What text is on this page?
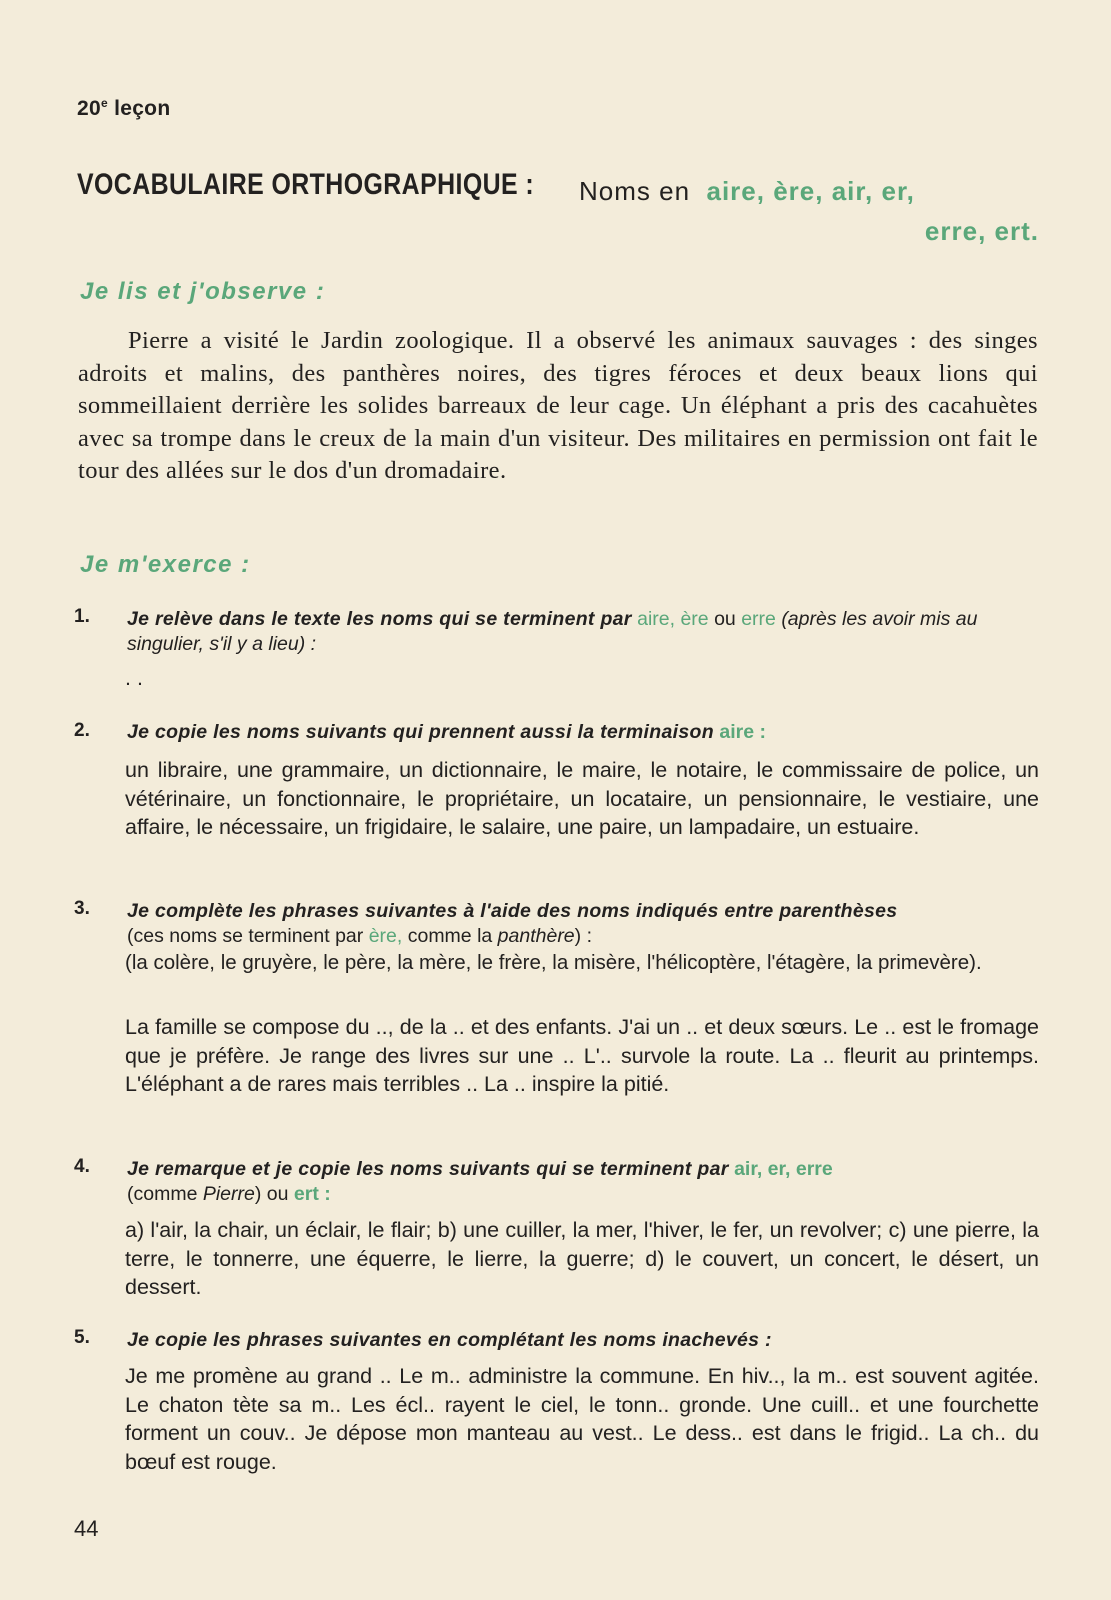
20e leçon
VOCABULAIRE ORTHOGRAPHIQUE : Noms en aire, ère, air, er,
erre, ert.
Je lis et j'observe :

Pierre a visité le Jardin zoologique. Il a observé les animaux sauvages : des singes adroits et malins, des panthères noires, des tigres féroces et deux beaux lions qui sommeillaient derrière les solides barreaux de leur cage. Un éléphant a pris des cacahuètes avec sa trompe dans le creux de la main d'un visiteur. Des militaires en permission ont fait le tour des allées sur le dos d'un dromadaire.

Je m'exerce :
1. Je relève dans le texte les noms qui se terminent par aire, ère ou erre (après les avoir mis au singulier, s'il y a lieu) :

. .

2. Je copie les noms suivants qui prennent aussi la terminaison aire :

un libraire, une grammaire, un dictionnaire, le maire, le notaire, le commissaire de police, un vétérinaire, un fonctionnaire, le propriétaire, un locataire, un pensionnaire, le vestiaire, une affaire, le nécessaire, un frigidaire, le salaire, une paire, un lampadaire, un estuaire.

3. Je complète les phrases suivantes à l'aide des noms indiqués entre parenthèses
(ces noms se terminent par ère, comme la panthère) :

(la colère, le gruyère, le père, la mère, le frère, la misère, l'hélicoptère, l'étagère, la primevère).

La famille se compose du .., de la .. et des enfants. J'ai un .. et deux sœurs. Le .. est le fromage que je préfère. Je range des livres sur une .. L'.. survole la route. La .. fleurit au printemps. L'éléphant a de rares mais terribles .. La .. inspire la pitié.

4. Je remarque et je copie les noms suivants qui se terminent par air, er, erre
(comme Pierre) ou ert :

a) l'air, la chair, un éclair, le flair; b) une cuiller, la mer, l'hiver, le fer, un revolver; c) une pierre, la terre, le tonnerre, une équerre, le lierre, la guerre; d) le couvert, un concert, le désert, un dessert.

5. Je copie les phrases suivantes en complétant les noms inachevés :

Je me promène au grand .. Le m.. administre la commune. En hiv.., la m.. est souvent agitée. Le chaton tète sa m.. Les écl.. rayent le ciel, le tonn.. gronde. Une cuill.. et une fourchette forment un couv.. Je dépose mon manteau au vest.. Le dess.. est dans le frigid.. La ch.. du bœuf est rouge.

44
